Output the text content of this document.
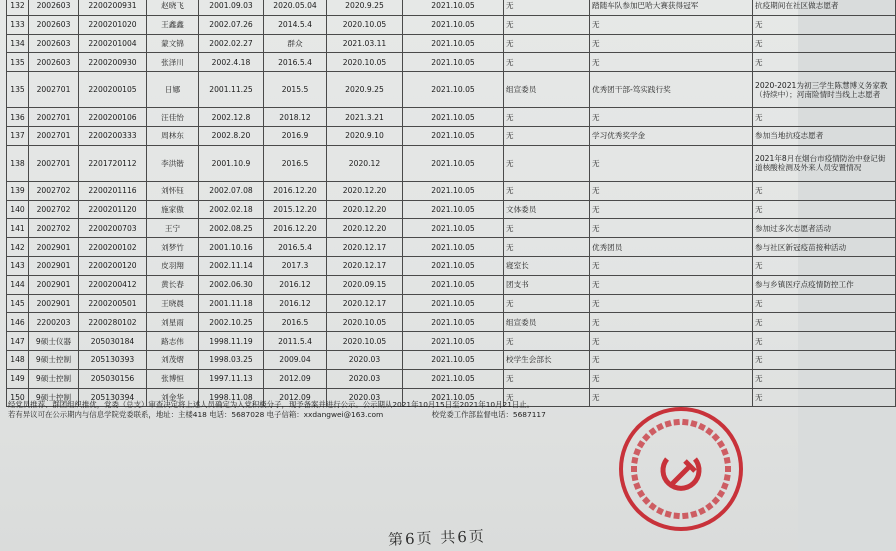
132	2002603	2200200931	赵晓飞	2001.09.03	2020.05.04	2020.9.25	2021.10.05	无	踏随车队参加巴哈大赛获得冠军	抗疫期间在社区做志愿者
133	2002603	2200201020	王鑫鑫	2002.07.26	2014.5.4	2020.10.05	2021.10.05	无	无	无
134	2002603	2200201004	蒙文锦	2002.02.27	群众	2021.03.11	2021.10.05	无	无	无
135	2002603	2200200930	张泽川	2002.4.18	2016.5.4	2020.10.05	2021.10.05	无	无	无
135	2002701	2200200105	日娜	2001.11.25	2015.5	2020.9.25	2021.10.05	组宣委员	优秀团干部-笃实践行奖	2020-2021为初三学生陈慧博义务家教（持续中）；河南险情时当线上志愿者
136	2002701	2200200106	汪佳怡	2002.12.8	2018.12	2021.3.21	2021.10.05	无	无	无
137	2002701	2200200333	周林东	2002.8.20	2016.9	2020.9.10	2021.10.05	无	学习优秀奖学金	参加当地抗疫志愿者
138	2002701	2201720112	李洪锴	2001.10.9	2016.5	2020.12	2021.10.05	无	无	2021年8月在烟台市疫情防治中登记街道核酸检测及外来人员安置情况
139	2002702	2200201116	刘怀钰	2002.07.08	2016.12.20	2020.12.20	2021.10.05	无	无	无
140	2002702	2200201120	施家傲	2002.02.18	2015.12.20	2020.12.20	2021.10.05	文体委员	无	无
141	2002702	2200200703	王宁	2002.08.25	2016.12.20	2020.12.20	2021.10.05	无	无	参加过多次志愿者活动
142	2002901	2200200102	刘梦竹	2001.10.16	2016.5.4	2020.12.17	2021.10.05	无	优秀团员	参与社区新冠疫苗接种活动
143	2002901	2200200120	皮羽翔	2002.11.14	2017.3	2020.12.17	2021.10.05	寝室长	无	无
144	2002901	2200200412	黄长春	2002.06.30	2016.12	2020.09.15	2021.10.05	团支书	无	参与乡镇医疗点疫情防控工作
145	2002901	2200200501	王晓晨	2001.11.18	2016.12	2020.12.17	2021.10.05	无	无	无
146	2200203	2200280102	刘星雨	2002.10.25	2016.5	2020.10.05	2021.10.05	组宣委员	无	无
147	9硕士仪器	205030184	路志伟	1998.11.19	2011.5.4	2020.10.05	2021.10.05	无	无	无
148	9硕士控制	205130393	刘茂熠	1998.03.25	2009.04	2020.03	2021.10.05	校学生会部长	无	无
149	9硕士控制	205030156	张博恒	1997.11.13	2012.09	2020.03	2021.10.05	无	无	无
150	9硕士控制	205130394	刘金华	1998.11.08	2012.09	2020.03	2021.10.05	无	无	无

经党员推荐、群团组织推优，党委（总支）审查决定将上述人员确定为入党积极分子，现予备案并进行公示。公示期从2021年10月15日至2021年10月21日止。

若有异议可在公示期内与信息学院党委联系，地址：主楼418 电话：5687028 电子信箱：xxdangwei@163.com	校党委工作部监督电话：5687117

第6页 共6页
